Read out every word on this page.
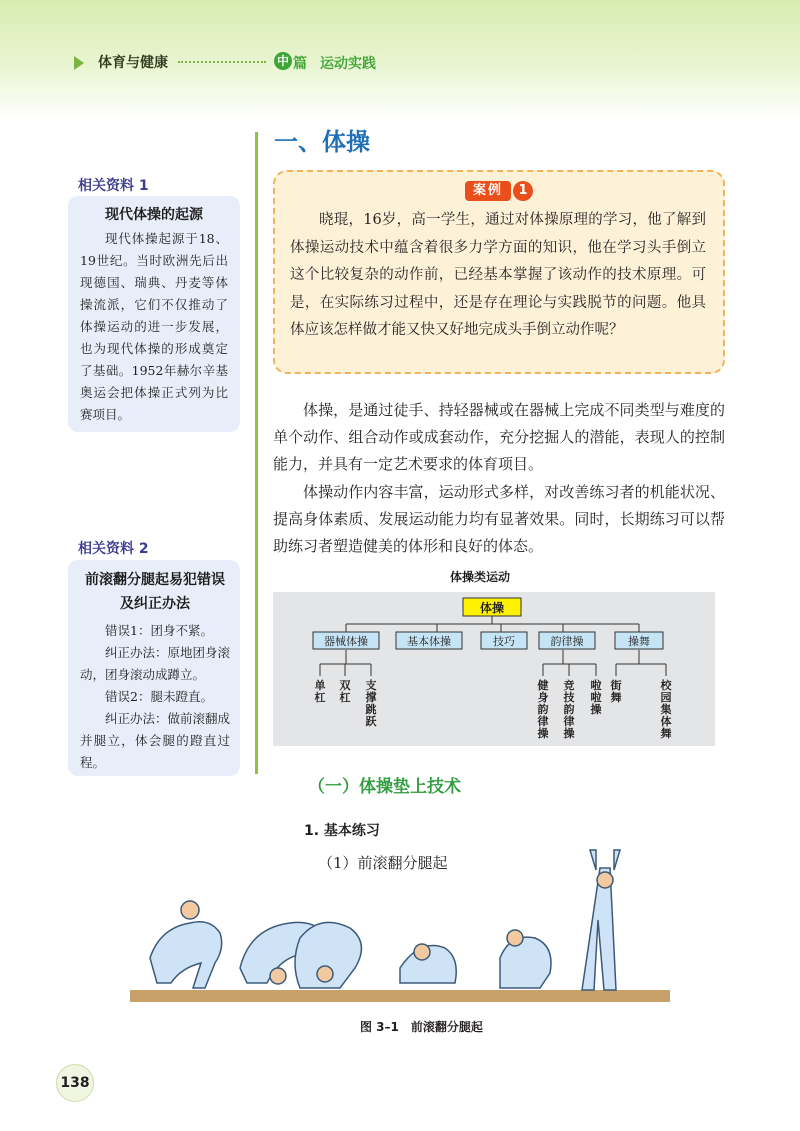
体育与健康	中 篇 运动实践
相关资料 1

现代体操的起源

现代体操起源于18、19世纪。当时欧洲先后出现德国、瑞典、丹麦等体操流派，它们不仅推动了体操运动的进一步发展，也为现代体操的形成奠定了基础。1952年赫尔辛基奥运会把体操正式列为比赛项目。

相关资料 2

前滚翻分腿起易犯错误及纠正办法

错误1：团身不紧。

纠正办法：原地团身滚动，团身滚动成蹲立。

错误2：腿未蹬直。

纠正办法：做前滚翻成并腿立，体会腿的蹬直过程。

一、体操
案例	1

晓琨，16岁，高一学生，通过对体操原理的学习，他了解到体操运动技术中蕴含着很多力学方面的知识，他在学习头手倒立这个比较复杂的动作前，已经基本掌握了该动作的技术原理。可是，在实际练习过程中，还是存在理论与实践脱节的问题。他具体应该怎样做才能又快又好地完成头手倒立动作呢？

体操，是通过徒手、持轻器械或在器械上完成不同类型与难度的单个动作、组合动作或成套动作，充分挖掘人的潜能，表现人的控制能力，并具有一定艺术要求的体育项目。

体操动作内容丰富，运动形式多样，对改善练习者的机能状况、提高身体素质、发展运动能力均有显著效果。同时，长期练习可以帮助练习者塑造健美的体形和良好的体态。

体操类运动
体操
器械体操	基本体操	技巧	韵律操	操舞
单杠
双杠
支撑跳跃
健身韵律操
竞技韵律操
啦啦操
街舞
校园集体舞
（一）体操垫上技术
1. 基本练习
（1）前滚翻分腿起
图 3–1　前滚翻分腿起
138
